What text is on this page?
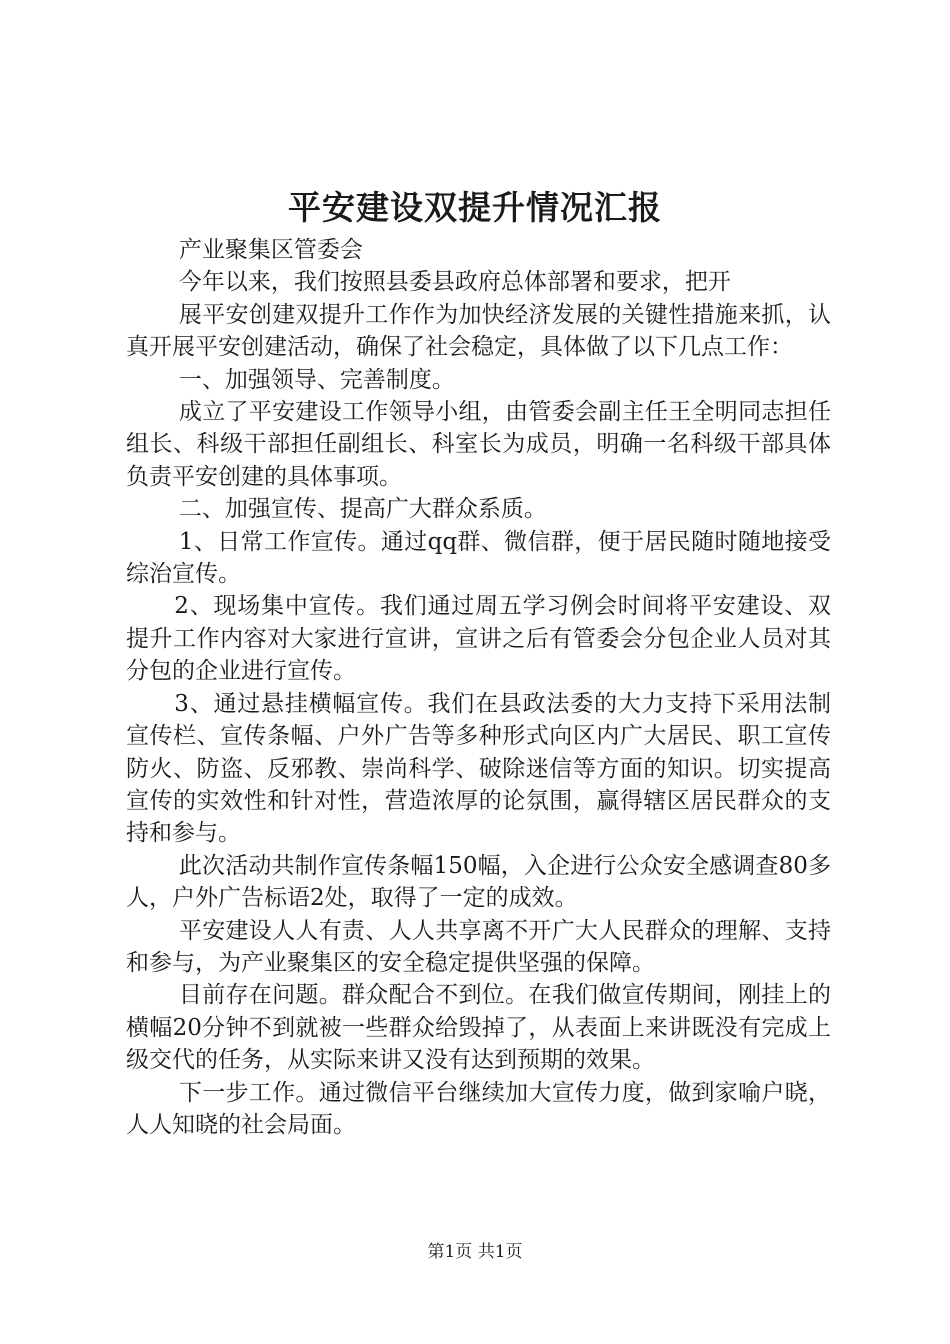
平安建设双提升情况汇报

产业聚集区管委会

今年以来，我们按照县委县政府总体部署和要求，把开

展平安创建双提升工作作为加快经济发展的关键性措施来抓，认真开展平安创建活动，确保了社会稳定，具体做了以下几点工作：

一、加强领导、完善制度。

成立了平安建设工作领导小组，由管委会副主任王全明同志担任组长、科级干部担任副组长、科室长为成员，明确一名科级干部具体负责平安创建的具体事项。

二、加强宣传、提高广大群众系质。

1、日常工作宣传。通过qq群、微信群，便于居民随时随地接受综治宣传。

2、现场集中宣传。我们通过周五学习例会时间将平安建设、双提升工作内容对大家进行宣讲，宣讲之后有管委会分包企业人员对其分包的企业进行宣传。

3、通过悬挂横幅宣传。我们在县政法委的大力支持下采用法制宣传栏、宣传条幅、户外广告等多种形式向区内广大居民、职工宣传防火、防盗、反邪教、崇尚科学、破除迷信等方面的知识。切实提高宣传的实效性和针对性，营造浓厚的论氛围，赢得辖区居民群众的支持和参与。

此次活动共制作宣传条幅150幅，入企进行公众安全感调查80多人，户外广告标语2处，取得了一定的成效。

平安建设人人有责、人人共享离不开广大人民群众的理解、支持和参与，为产业聚集区的安全稳定提供坚强的保障。

目前存在问题。群众配合不到位。在我们做宣传期间，刚挂上的横幅20分钟不到就被一些群众给毁掉了，从表面上来讲既没有完成上级交代的任务，从实际来讲又没有达到预期的效果。

下一步工作。通过微信平台继续加大宣传力度，做到家喻户晓，人人知晓的社会局面。

第1页 共1页
